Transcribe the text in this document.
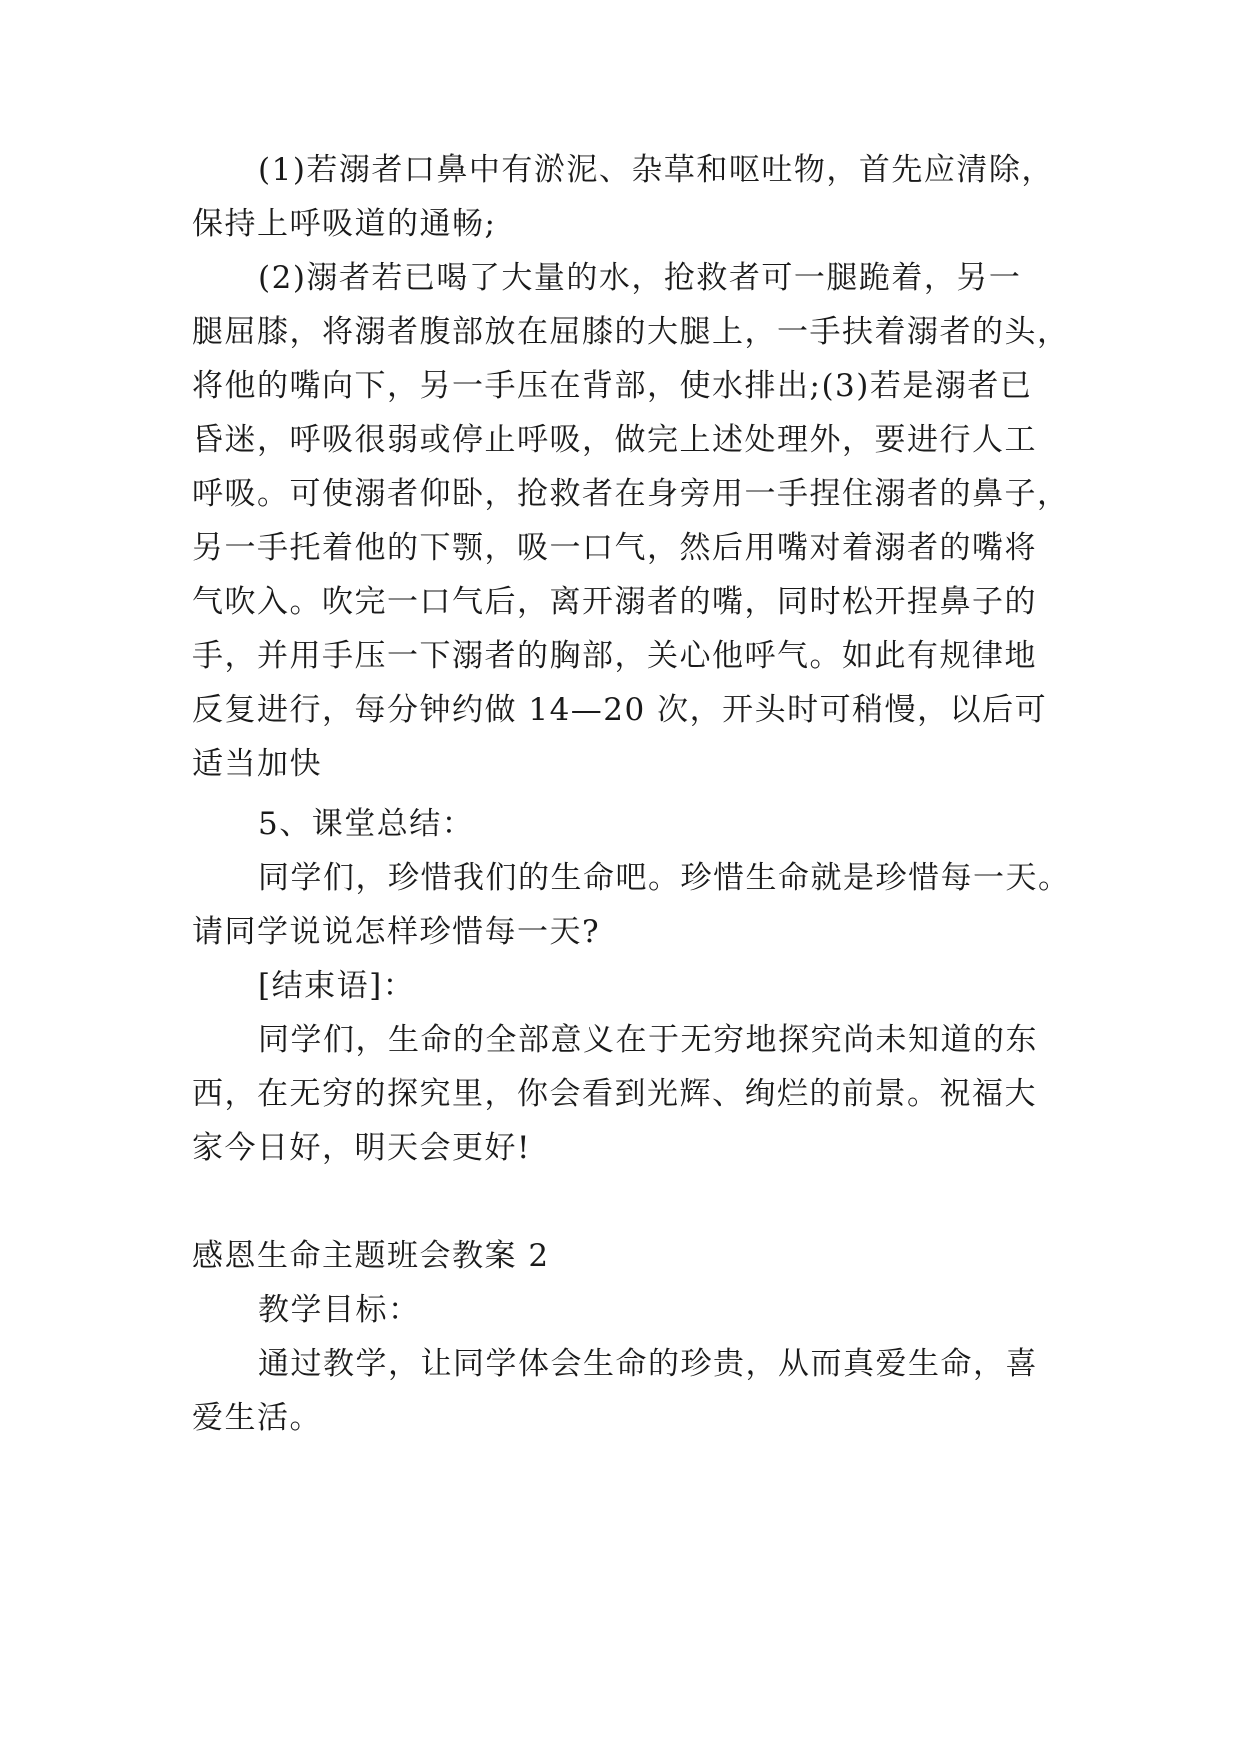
(1)若溺者口鼻中有淤泥、杂草和呕吐物，首先应清除，
保持上呼吸道的通畅;
(2)溺者若已喝了大量的水，抢救者可一腿跪着，另一
腿屈膝，将溺者腹部放在屈膝的大腿上，一手扶着溺者的头，
将他的嘴向下，另一手压在背部，使水排出;(3)若是溺者已
昏迷，呼吸很弱或停止呼吸，做完上述处理外，要进行人工
呼吸。可使溺者仰卧，抢救者在身旁用一手捏住溺者的鼻子，
另一手托着他的下颚，吸一口气，然后用嘴对着溺者的嘴将
气吹入。吹完一口气后，离开溺者的嘴，同时松开捏鼻子的
手，并用手压一下溺者的胸部，关心他呼气。如此有规律地
反复进行，每分钟约做 14—20 次，开头时可稍慢，以后可
适当加快
5、课堂总结：
同学们，珍惜我们的生命吧。珍惜生命就是珍惜每一天。
请同学说说怎样珍惜每一天?
[结束语]：
同学们，生命的全部意义在于无穷地探究尚未知道的东
西，在无穷的探究里，你会看到光辉、绚烂的前景。祝福大
家今日好，明天会更好!
感恩生命主题班会教案 2
教学目标：
通过教学，让同学体会生命的珍贵，从而真爱生命，喜
爱生活。
